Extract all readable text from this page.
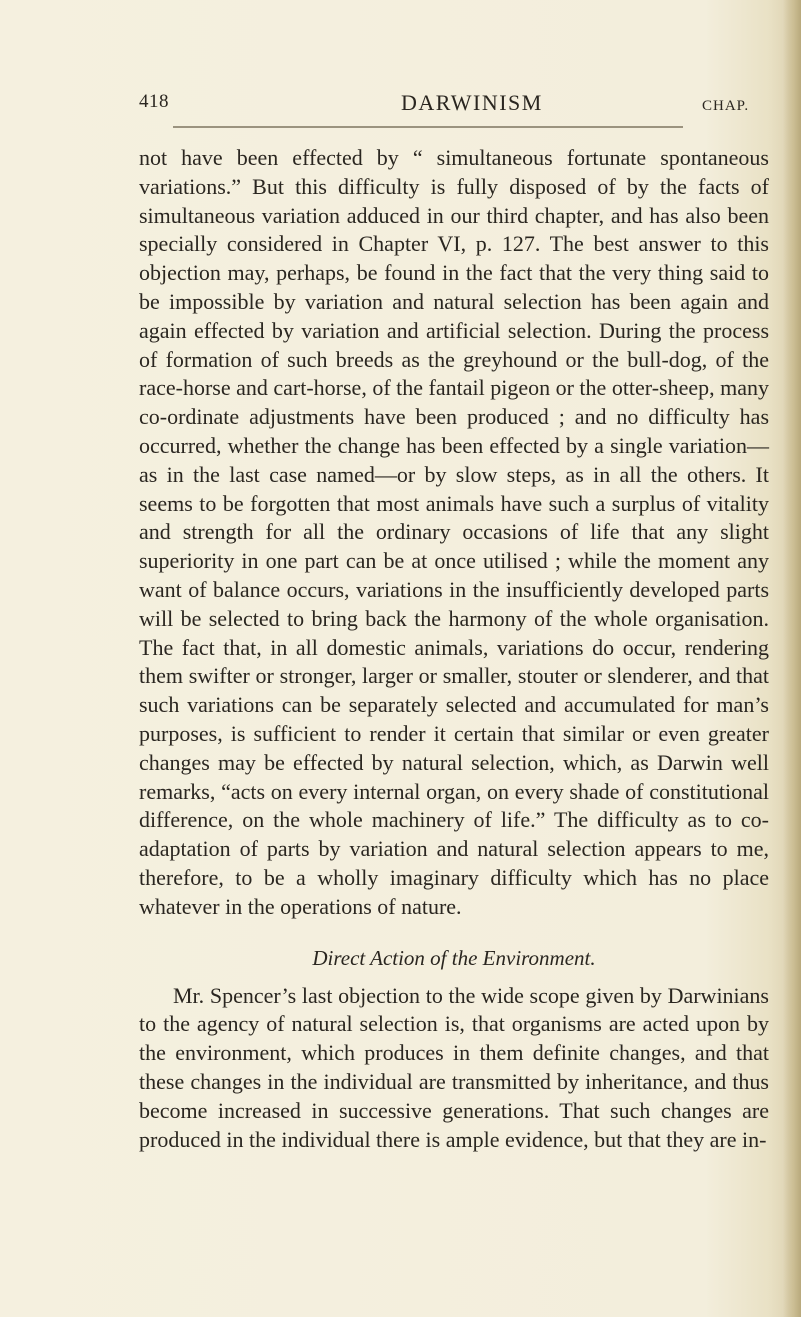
418	DARWINISM	CHAP.

not have been effected by “ simultaneous fortunate spontaneous variations.” But this difficulty is fully disposed of by the facts of simultaneous variation adduced in our third chapter, and has also been specially considered in Chapter VI, p. 127. The best answer to this objection may, perhaps, be found in the fact that the very thing said to be impossible by variation and natural selection has been again and again effected by variation and artificial selection. During the process of formation of such breeds as the greyhound or the bull-dog, of the race-horse and cart-horse, of the fantail pigeon or the otter-sheep, many co-ordinate adjustments have been produced ; and no difficulty has occurred, whether the change has been effected by a single variation—as in the last case named—or by slow steps, as in all the others. It seems to be forgotten that most animals have such a surplus of vitality and strength for all the ordinary occasions of life that any slight superiority in one part can be at once utilised ; while the moment any want of balance occurs, variations in the insufficiently developed parts will be selected to bring back the harmony of the whole organisation. The fact that, in all domestic animals, variations do occur, rendering them swifter or stronger, larger or smaller, stouter or slenderer, and that such variations can be separately selected and accumulated for man’s purposes, is sufficient to render it certain that similar or even greater changes may be effected by natural selection, which, as Darwin well remarks, “acts on every internal organ, on every shade of constitutional difference, on the whole machinery of life.” The difficulty as to co-adaptation of parts by variation and natural selection appears to me, therefore, to be a wholly imaginary difficulty which has no place whatever in the operations of nature.

Direct Action of the Environment.

Mr. Spencer’s last objection to the wide scope given by Darwinians to the agency of natural selection is, that organisms are acted upon by the environment, which produces in them definite changes, and that these changes in the individual are transmitted by inheritance, and thus become increased in successive generations. That such changes are produced in the individual there is ample evidence, but that they are in-
